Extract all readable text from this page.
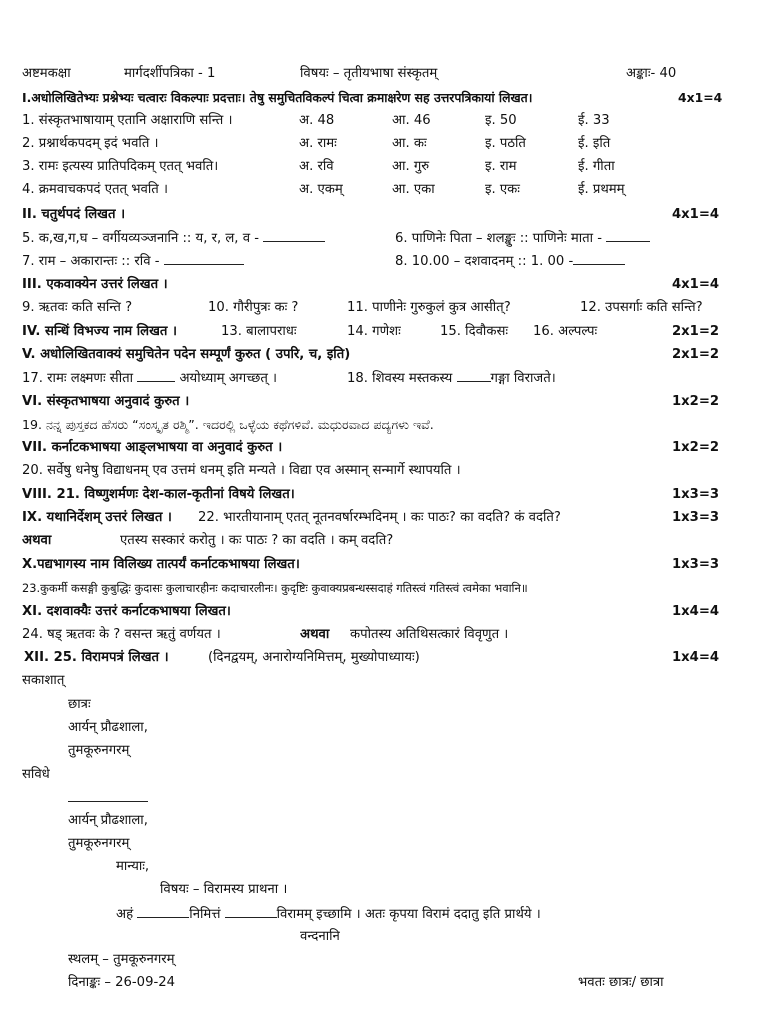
अष्टमकक्षा	मार्गदर्शीपत्रिका - 1	विषयः – तृतीयभाषा संस्कृतम्	अङ्काः- 40
I.अधोलिखितेभ्यः प्रश्नेभ्यः चत्वारः विकल्पाः प्रदत्ताः। तेषु समुचितविकल्पं चित्वा क्रमाक्षरेण सह उत्तरपत्रिकायां लिखत।	4x1=4
1. संस्कृतभाषायाम् एतानि अक्षाराणि सन्ति ।	अ. 48	आ. 46	इ. 50	ई. 33
2. प्रश्नार्थकपदम् इदं भवति ।	अ. रामः	आ. कः	इ. पठति	ई. इति
3. रामः इत्यस्य प्रातिपदिकम् एतत् भवति।	अ. रवि	आ. गुरु	इ. राम	ई. गीता
4. क्रमवाचकपदं एतत् भवति ।	अ. एकम्	आ. एका	इ. एकः	ई. प्रथमम्
II. चतुर्थपदं लिखत ।	4x1=4
5. क,ख,ग,घ – वर्गीयव्यञ्जनानि :: य, र, ल, व -	6. पाणिनेः पिता – शलङ्खुः :: पाणिनेः माता -
7. राम – अकारान्तः :: रवि -	8. 10.00 – दशवादनम् :: 1. 00 -
III. एकवाक्येन उत्तरं लिखत ।	4x1=4
9. ऋतवः कति सन्ति ?	10. गौरीपुत्रः कः ?	11. पाणीनेः गुरुकुलं कुत्र आसीत्?	12. उपसर्गाः कति सन्ति?
IV. सन्धिं विभज्य नाम लिखत ।	13. बालापराधः	14. गणेशः	15. दिवौकसः 16. अल्पल्पः	2x1=2
V. अधोलिखितवाक्यं समुचितेन पदेन सम्पूर्णं कुरुत ( उपरि, च, इति)	2x1=2
17. रामः लक्ष्मणः सीता	अयोध्याम् अगच्छत् ।	18. शिवस्य मस्तकस्य	गङ्गा विराजते।
VI. संस्कृतभाषया अनुवादं कुरुत ।	1x2=2
19. ನನ್ನ ಪುಸ್ತಕದ ಹೆಸರು “ಸಂಸ್ಕೃತ ರಶ್ಮಿ”. ಇದರಲ್ಲಿ ಒಳ್ಳೆಯ ಕಥೆಗಳಿವೆ. ಮಧುರವಾದ ಪದ್ಯಗಳು ಇವೆ.
VII. कर्नाटकभाषया आङ्लभाषया वा अनुवादं कुरुत ।	1x2=2
20. सर्वेषु धनेषु विद्याधनम् एव उत्तमं धनम् इति मन्यते । विद्या एव अस्मान् सन्मार्गे स्थापयति ।
VIII. 21. विष्णुशर्मणः देश-काल-कृतीनां विषये लिखत।	1x3=3
IX. यथानिर्देशम् उत्तरं लिखत । 22. भारतीयानाम् एतत् नूतनवर्षारम्भदिनम् । कः पाठः? का वदति? कं वदति?	1x3=3
अथवा	एतस्य सस्कारं करोतु । कः पाठः ? का वदति । कम् वदति?
X.पद्यभागस्य नाम विलिख्य तात्पर्यं कर्नाटकभाषया लिखत।	1x3=3
23.कुकर्मी कसङ्गी कुबुद्धिः कुदासः कुलाचारहीनः कदाचारलीनः। कुदृष्टिः कुवाक्यप्रबन्धस्सदाहं गतिस्त्वं गतिस्त्वं त्वमेका भवानि॥
XI. दशवाक्यैः उत्तरं कर्नाटकभाषया लिखत।	1x4=4
24. षड् ऋतवः के ? वसन्त ऋतुं वर्णयत ।	अथवा कपोतस्य अतिथिसत्कारं विवृणुत ।
XII. 25. विरामपत्रं लिखत ।	(दिनद्वयम्, अनारोग्यनिमित्तम्, मुख्योपाध्यायः)	1x4=4
सकाशात्
छात्रः
आर्यन् प्रौढशाला,
तुमकूरुनगरम्
सविधे
आर्यन् प्रौढशाला,
तुमकूरुनगरम्
मान्याः,
विषयः – विरामस्य प्राथना ।
अहं	निमित्तं	विरामम् इच्छामि । अतः कृपया विरामं ददातु इति प्रार्थये ।
वन्दनानि
स्थलम् – तुमकूरुनगरम्
दिनाङ्कः – 26-09-24	भवतः छात्रः/ छात्रा
